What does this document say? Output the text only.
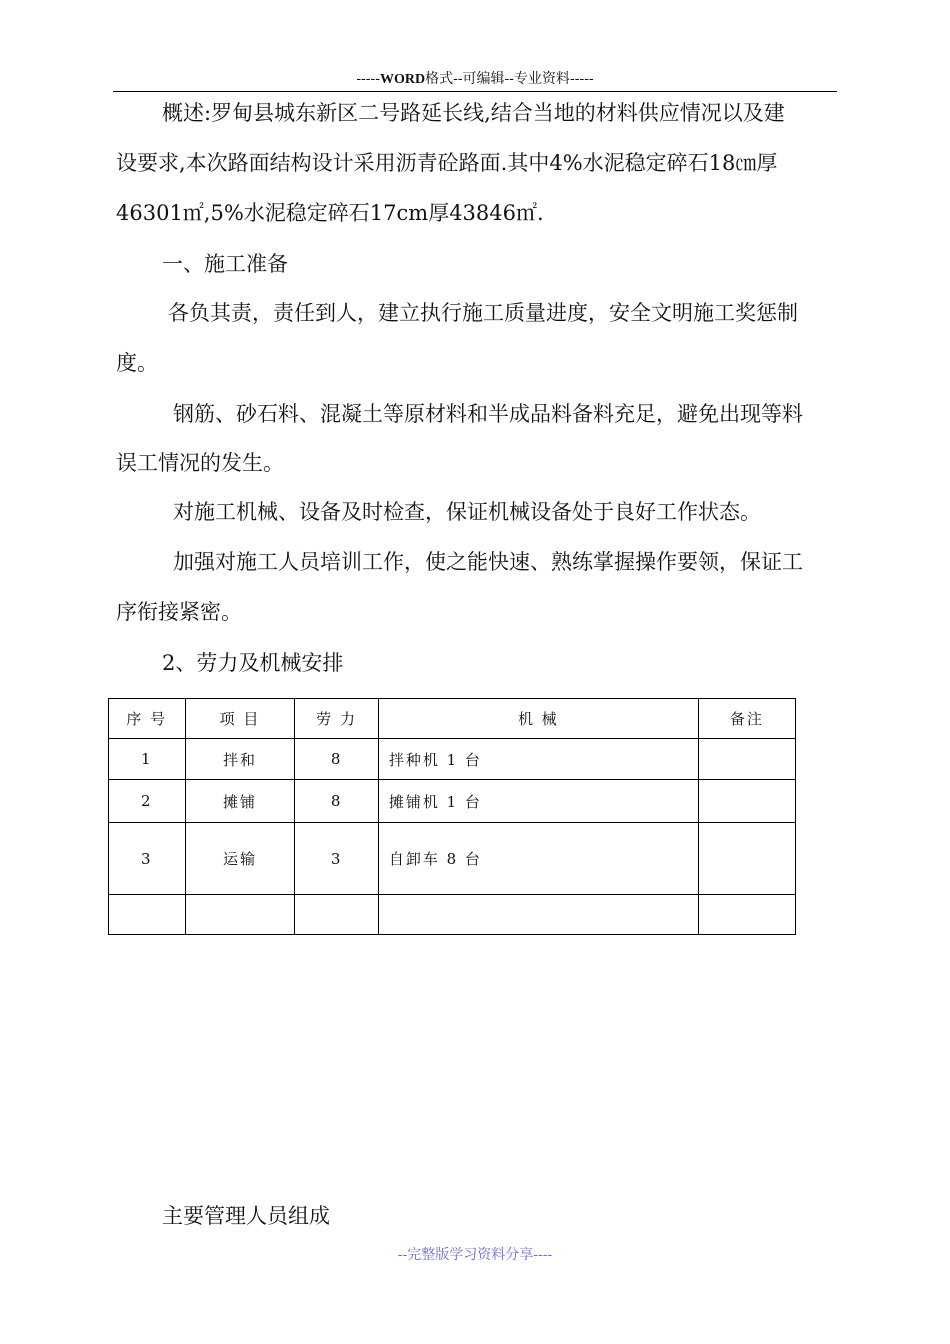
-----WORD格式--可编辑--专业资料-----
概述:罗甸县城东新区二号路延长线,结合当地的材料供应情况以及建
设要求,本次路面结构设计采用沥青砼路面.其中4%水泥稳定碎石18㎝厚
46301㎡,5%水泥稳定碎石17cm厚43846㎡.
一、施工准备
各负其责，责任到人，建立执行施工质量进度，安全文明施工奖惩制
度。
钢筋、砂石料、混凝土等原材料和半成品料备料充足，避免出现等料
误工情况的发生。
对施工机械、设备及时检查，保证机械设备处于良好工作状态。
加强对施工人员培训工作，使之能快速、熟练掌握操作要领，保证工
序衔接紧密。
2、劳力及机械安排
序 号	项 目	劳 力	机 械	备注
1	拌和	8	拌种机 1 台	
2	摊铺	8	摊铺机 1 台	
3	运输	3	自卸车 8 台	

主要管理人员组成
--完整版学习资料分享----
